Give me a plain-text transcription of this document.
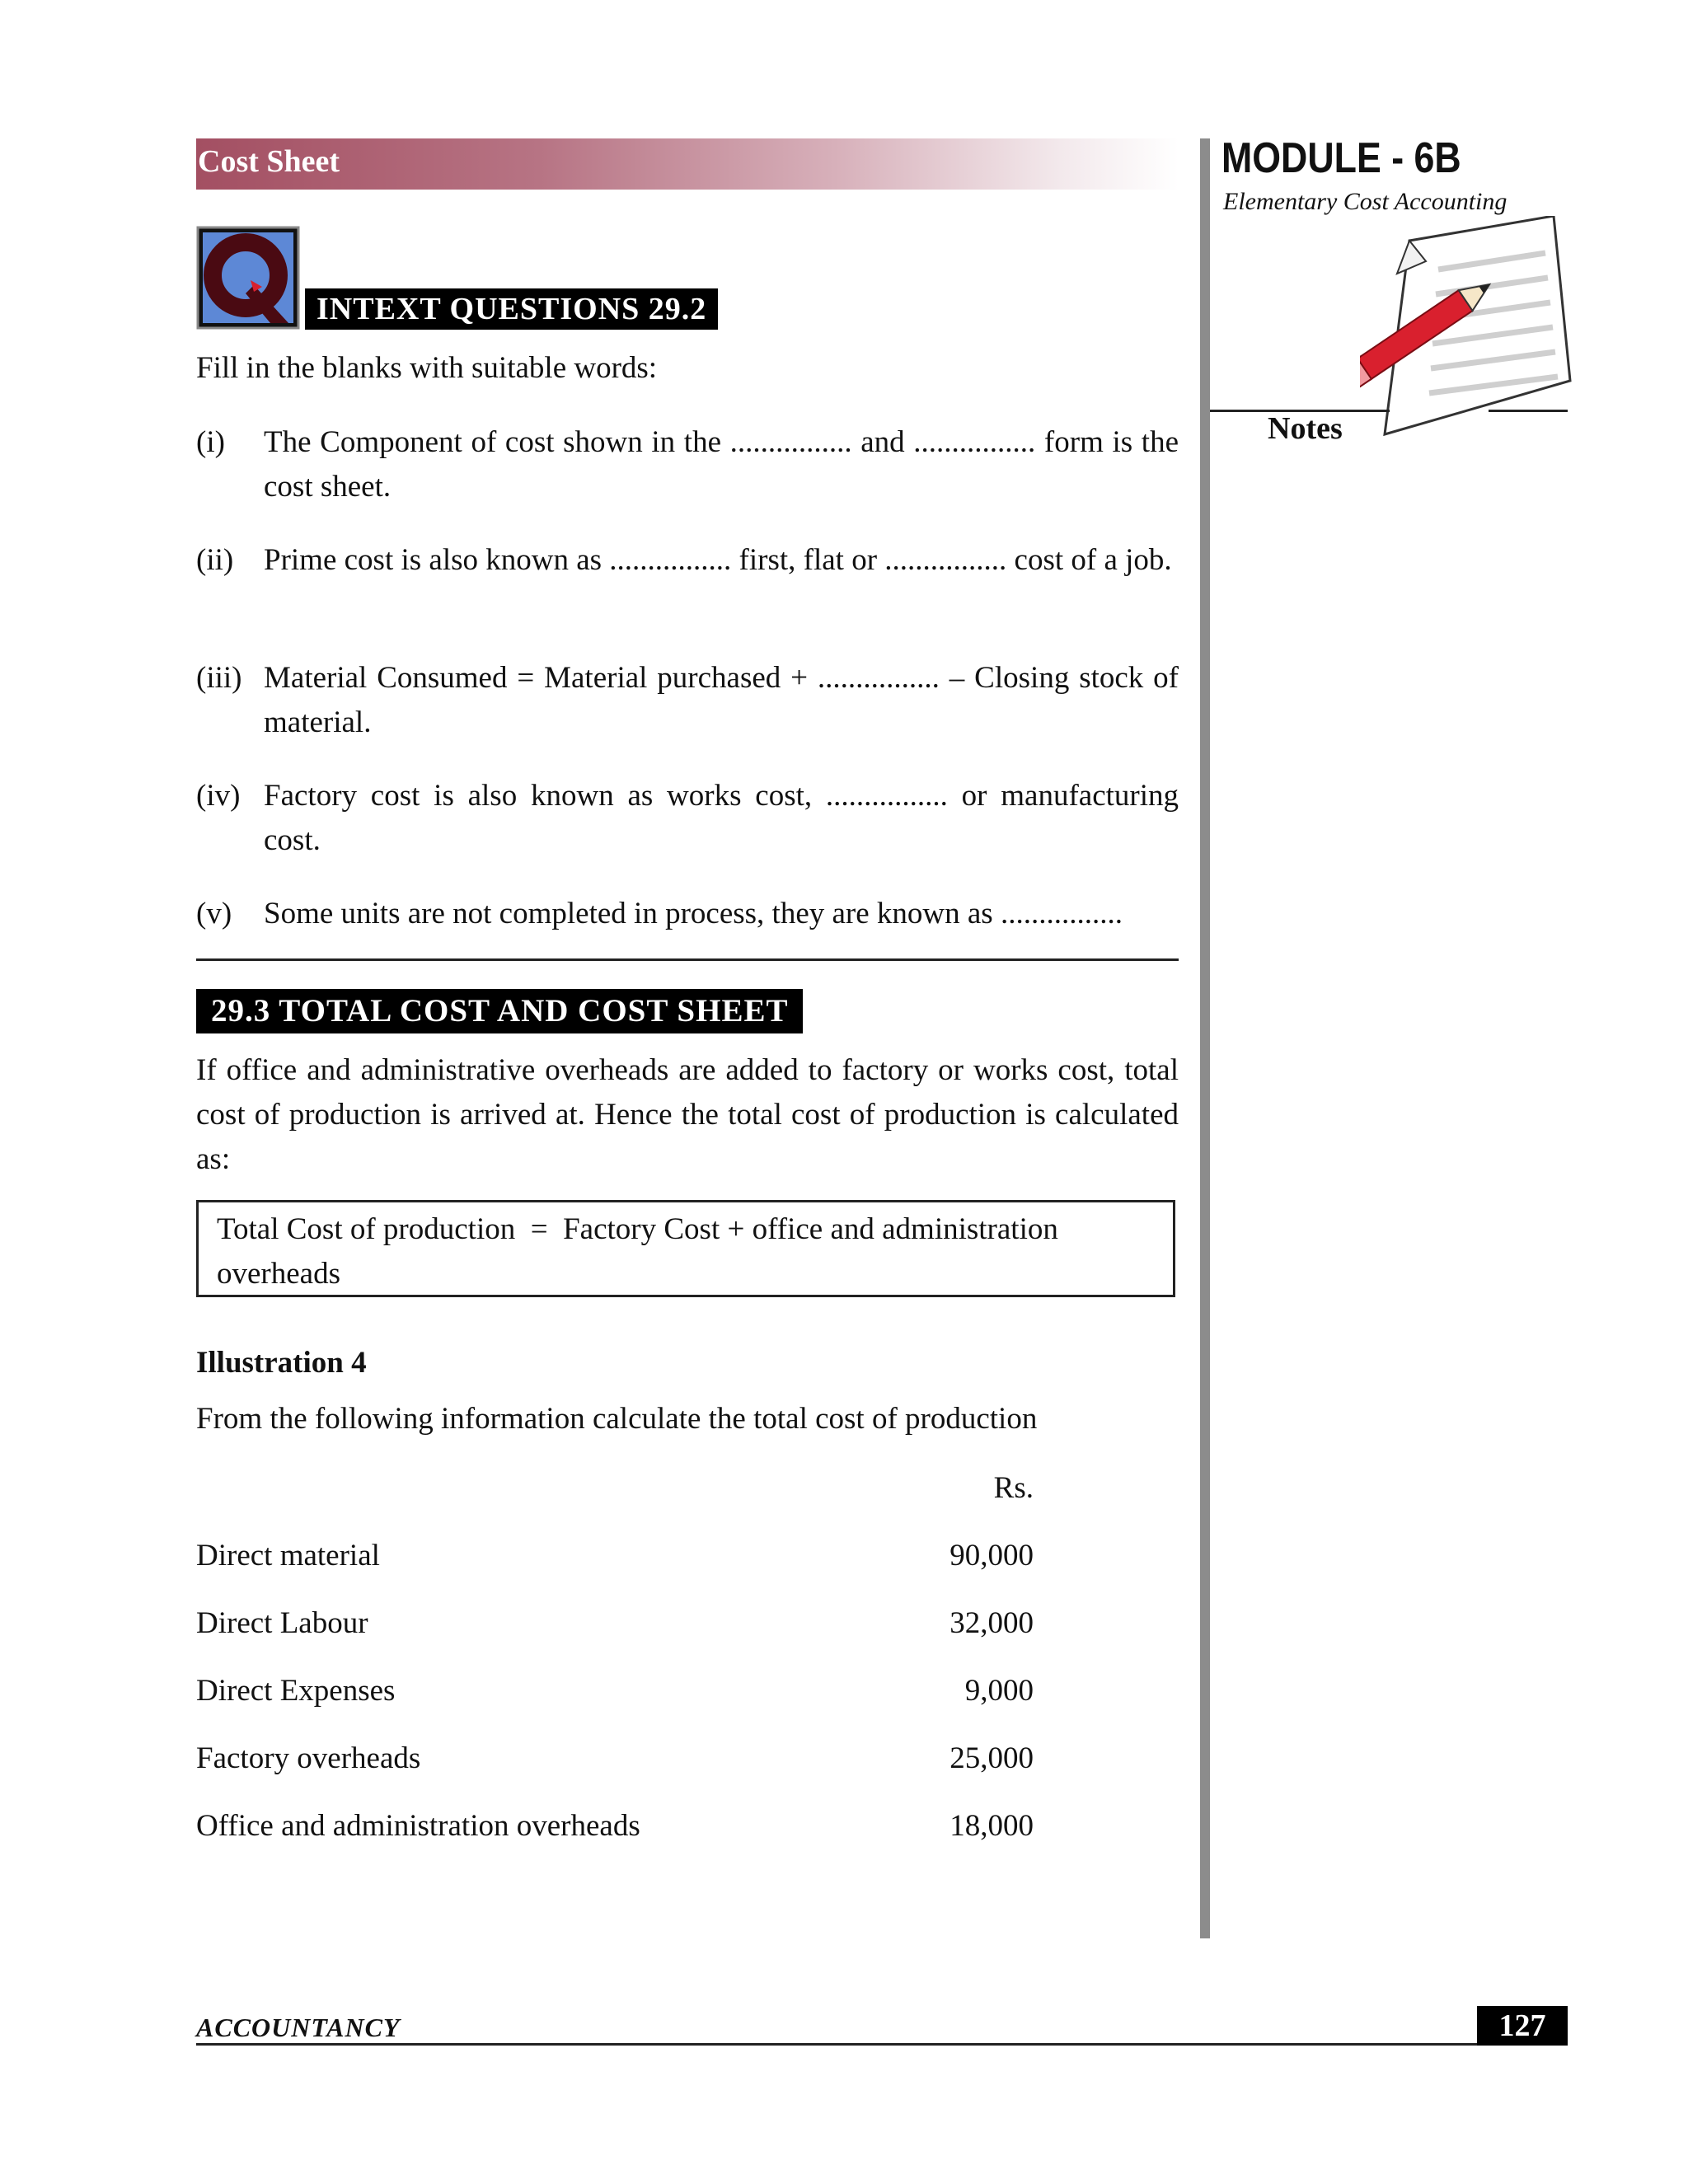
Cost Sheet	MODULE - 6B
Elementary Cost Accounting
Notes
Q
INTEXT QUESTIONS 29.2
Fill in the blanks with suitable words:
(i) The Component of cost shown in the ................ and ................ form is the cost sheet.
(ii) Prime cost is also known as ................ first, flat or ................ cost of a job.
(iii) Material Consumed = Material purchased + ................ – Closing stock of material.
(iv) Factory cost is also known as works cost, ................ or manufacturing cost.
(v) Some units are not completed in process, they are known as ................
29.3 TOTAL COST AND COST SHEET
If office and administrative overheads are added to factory or works cost, total cost of production is arrived at. Hence the total cost of production is calculated as:
Total Cost of production  =  Factory Cost + office and administration overheads
Illustration 4
From the following information calculate the total cost of production
Rs.
Direct material	90,000
Direct Labour	32,000
Direct Expenses	9,000
Factory overheads	25,000
Office and administration overheads	18,000
ACCOUNTANCY	127
